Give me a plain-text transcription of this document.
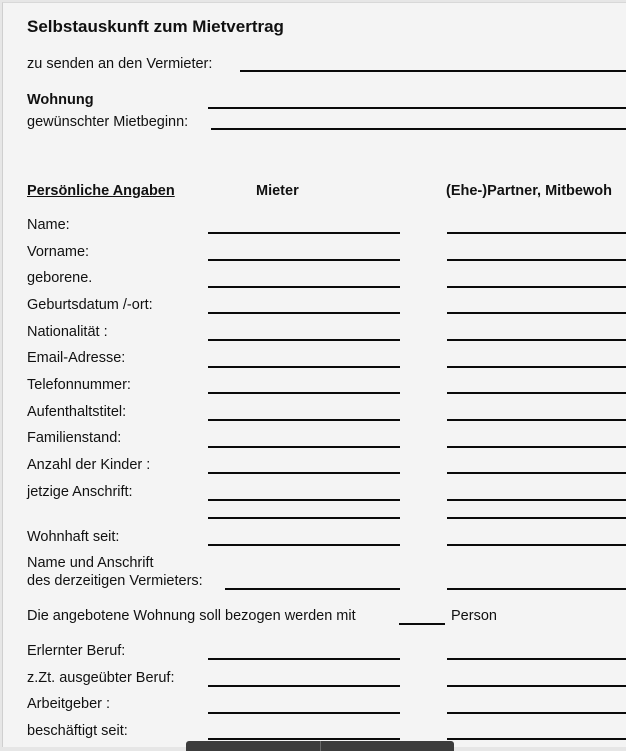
Selbstauskunft zum Mietvertrag
zu senden an den Vermieter:
Wohnung
gewünschter Mietbeginn:
Persönliche Angaben	Mieter	(Ehe-)Partner, Mitbewoh
Name:
Vorname:
geborene.
Geburtsdatum /-ort:
Nationalität :
Email-Adresse:
Telefonnummer:
Aufenthaltstitel:
Familienstand:
Anzahl der Kinder :
jetzige Anschrift:
Wohnhaft seit:
Name und Anschrift
des derzeitigen Vermieters:
Die angebotene Wohnung soll bezogen werden mit	Person
Erlernter Beruf:
z.Zt. ausgeübter Beruf:
Arbeitgeber :
beschäftigt seit:
